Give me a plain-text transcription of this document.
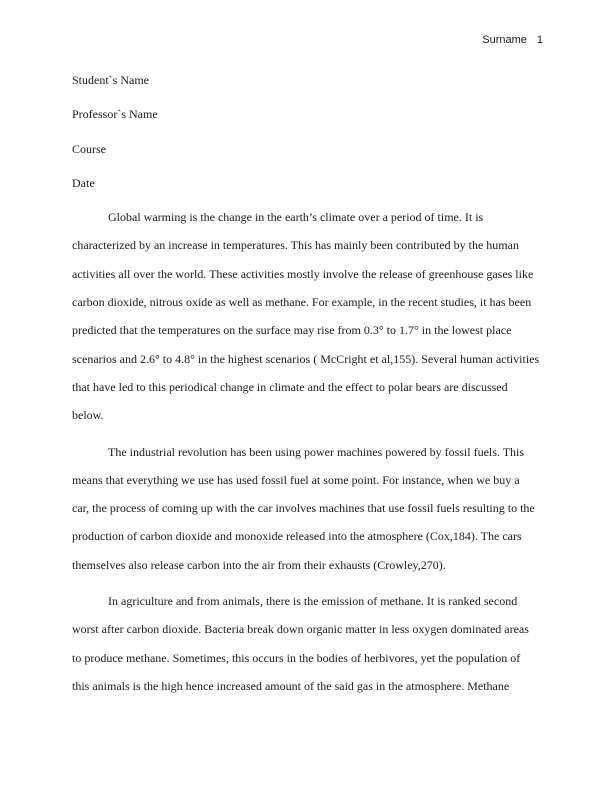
Surname 1
Student`s Name
Professor`s Name
Course
Date
Global warming is the change in the earth’s climate over a period of time. It is
characterized by an increase in temperatures. This has mainly been contributed by the human
activities all over the world. These activities mostly involve the release of greenhouse gases like
carbon dioxide, nitrous oxide as well as methane. For example, in the recent studies, it has been
predicted that the temperatures on the surface may rise from 0.3° to 1.7° in the lowest place
scenarios and 2.6° to 4.8° in the highest scenarios ( McCright et al,155). Several human activities
that have led to this periodical change in climate and the effect to polar bears are discussed
below.
The industrial revolution has been using power machines powered by fossil fuels. This
means that everything we use has used fossil fuel at some point. For instance, when we buy a
car, the process of coming up with the car involves machines that use fossil fuels resulting to the
production of carbon dioxide and monoxide released into the atmosphere (Cox,184). The cars
themselves also release carbon into the air from their exhausts (Crowley,270).
In agriculture and from animals, there is the emission of methane. It is ranked second
worst after carbon dioxide. Bacteria break down organic matter in less oxygen dominated areas
to produce methane. Sometimes, this occurs in the bodies of herbivores, yet the population of
this animals is the high hence increased amount of the said gas in the atmosphere. Methane
